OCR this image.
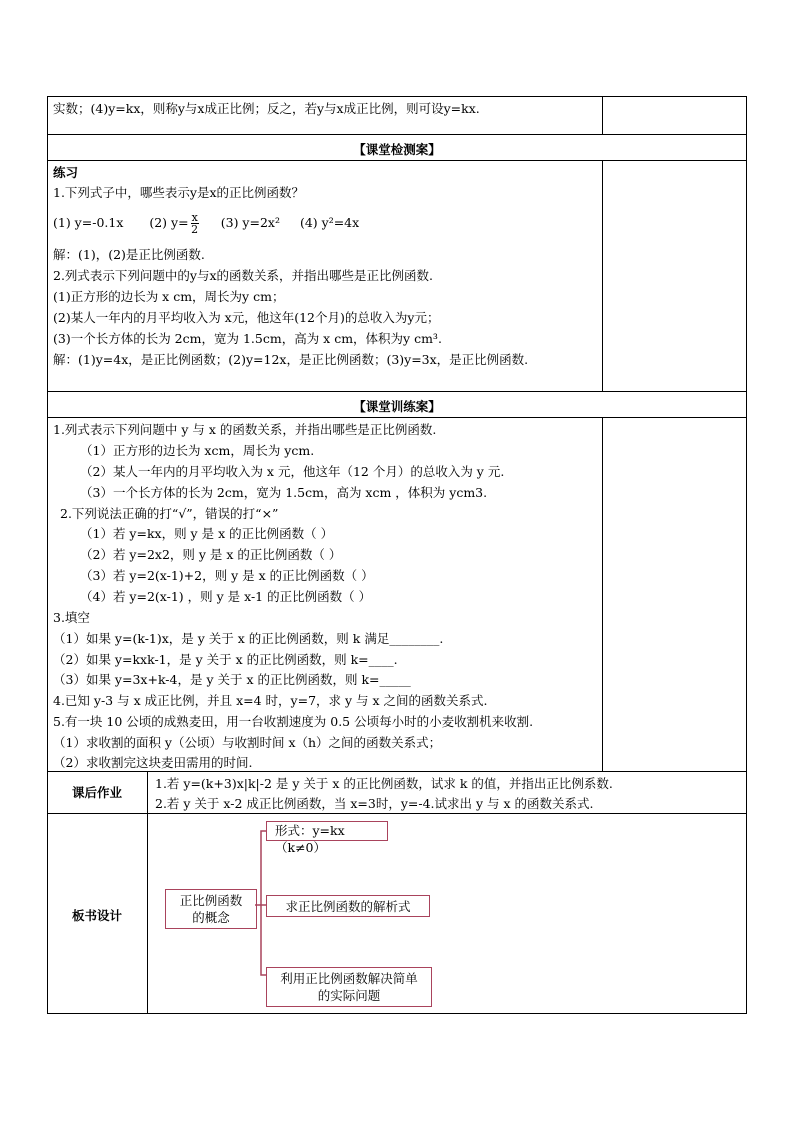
实数；(4)y=kx，则称y与x成正比例；反之，若y与x成正比例，则可设y=kx.
【课堂检测案】
练习
1.下列式子中，哪些表示y是x的正比例函数？
(1) y=-0.1x (2) $y= \frac{x}{2} (3)$ y=2x² (4) y²=4x
解：(1)，(2)是正比例函数.
2.列式表示下列问题中的y与x的函数关系，并指出哪些是正比例函数.
(1)正方形的边长为 x cm，周长为y cm；
(2)某人一年内的月平均收入为 x元，他这年(12个月)的总收入为y元；
(3)一个长方体的长为 2cm，宽为 1.5cm，高为 x cm，体积为y cm³.
解：(1)y=4x，是正比例函数；(2)y=12x，是正比例函数；(3)y=3x，是正比例函数.
【课堂训练案】
1.列式表示下列问题中 y 与 x 的函数关系，并指出哪些是正比例函数.
（1）正方形的边长为 xcm，周长为 ycm.
（2）某人一年内的月平均收入为 x 元，他这年（12 个月）的总收入为 y 元.
（3）一个长方体的长为 2cm，宽为 1.5cm，高为 xcm ，体积为 ycm3.
2.下列说法正确的打“√”，错误的打“×”
（1）若 y=kx，则 y 是 x 的正比例函数（ ）
（2）若 y=2x2，则 y 是 x 的正比例函数（ ）
（3）若 y=2(x-1)+2，则 y 是 x 的正比例函数（ ）
（4）若 y=2(x-1) ，则 y 是 x-1 的正比例函数（ ）
3.填空
（1）如果 y=(k-1)x，是 y 关于 x 的正比例函数，则 k 满足________.
（2）如果 y=kxk-1，是 y 关于 x 的正比例函数，则 k=____.
（3）如果 y=3x+k-4，是 y 关于 x 的正比例函数，则 k=_____
4.已知 y-3 与 x 成正比例，并且 x=4 时，y=7，求 y 与 x 之间的函数关系式.
5.有一块 10 公顷的成熟麦田，用一台收割速度为 0.5 公顷每小时的小麦收割机来收割.
（1）求收割的面积 y（公顷）与收割时间 x（h）之间的函数关系式；
（2）求收割完这块麦田需用的时间.
课后作业
1.若 y=(k+3)x|k|-2 是 y 关于 x 的正比例函数，试求 k 的值，并指出正比例系数.
2.若 y 关于 x-2 成正比例函数，当 x=3时，y=-4.试求出 y 与 x 的函数关系式.
板书设计
正比例函数
的概念
形式：y=kx（k≠0）
求正比例函数的解析式
利用正比例函数解决简单
的实际问题
